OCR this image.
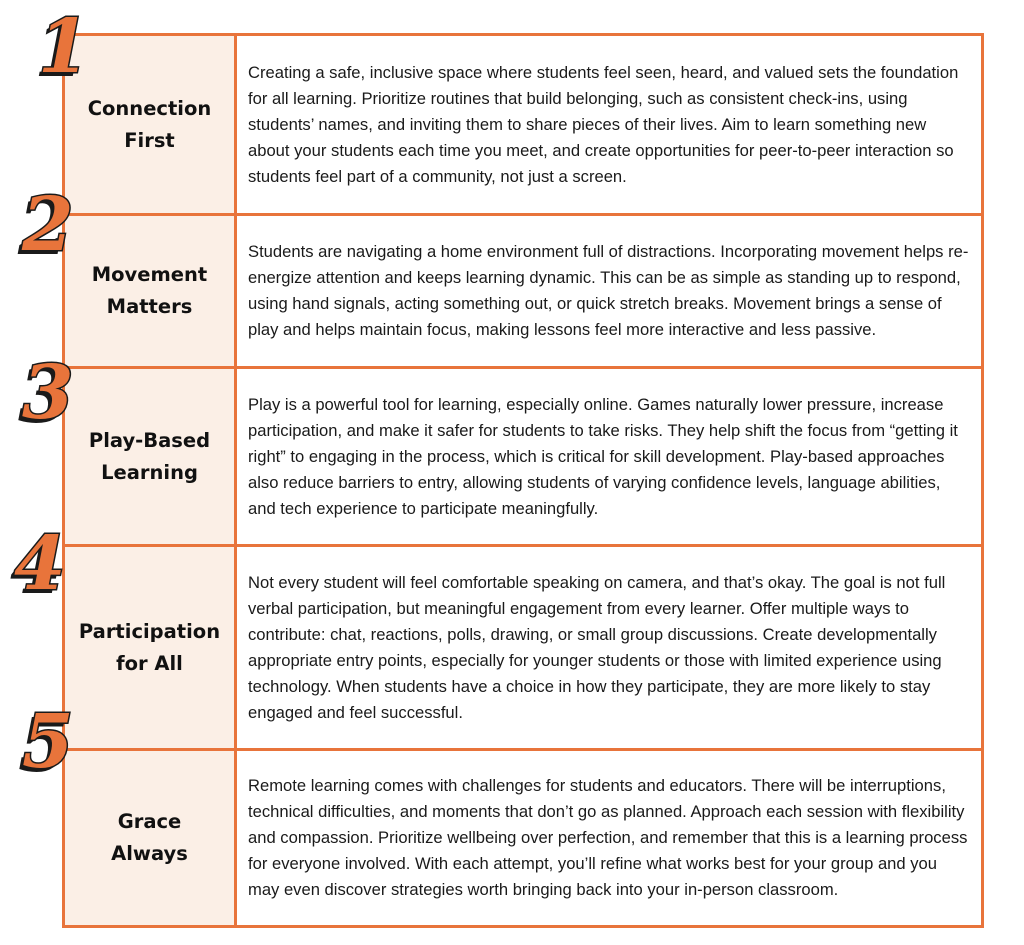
Connection
First
Creating a safe, inclusive space where students feel seen, heard, and valued sets the foundation for all learning. Prioritize routines that build belonging, such as consistent check-ins, using students’ names, and inviting them to share pieces of their lives. Aim to learn something new about your students each time you meet, and create opportunities for peer-to-peer interaction so students feel part of a community, not just a screen.
Movement
Matters
Students are navigating a home environment full of distractions. Incorporating movement helps re-energize attention and keeps learning dynamic. This can be as simple as standing up to respond, using hand signals, acting something out, or quick stretch breaks. Movement brings a sense of play and helps maintain focus, making lessons feel more interactive and less passive.
Play-Based
Learning
Play is a powerful tool for learning, especially online. Games naturally lower pressure, increase participation, and make it safer for students to take risks. They help shift the focus from “getting it right” to engaging in the process, which is critical for skill development. Play-based approaches also reduce barriers to entry, allowing students of varying confidence levels, language abilities, and tech experience to participate meaningfully.
Participation
for All
Not every student will feel comfortable speaking on camera, and that’s okay. The goal is not full verbal participation, but meaningful engagement from every learner. Offer multiple ways to contribute: chat, reactions, polls, drawing, or small group discussions. Create developmentally appropriate entry points, especially for younger students or those with limited experience using technology. When students have a choice in how they participate, they are more likely to stay engaged and feel successful.
Grace
Always
Remote learning comes with challenges for students and educators. There will be interruptions, technical difficulties, and moments that don’t go as planned. Approach each session with flexibility and compassion. Prioritize wellbeing over perfection, and remember that this is a learning process for everyone involved. With each attempt, you’ll refine what works best for your group and you may even discover strategies worth bringing back into your in-person classroom.
1
2
3
4
5
